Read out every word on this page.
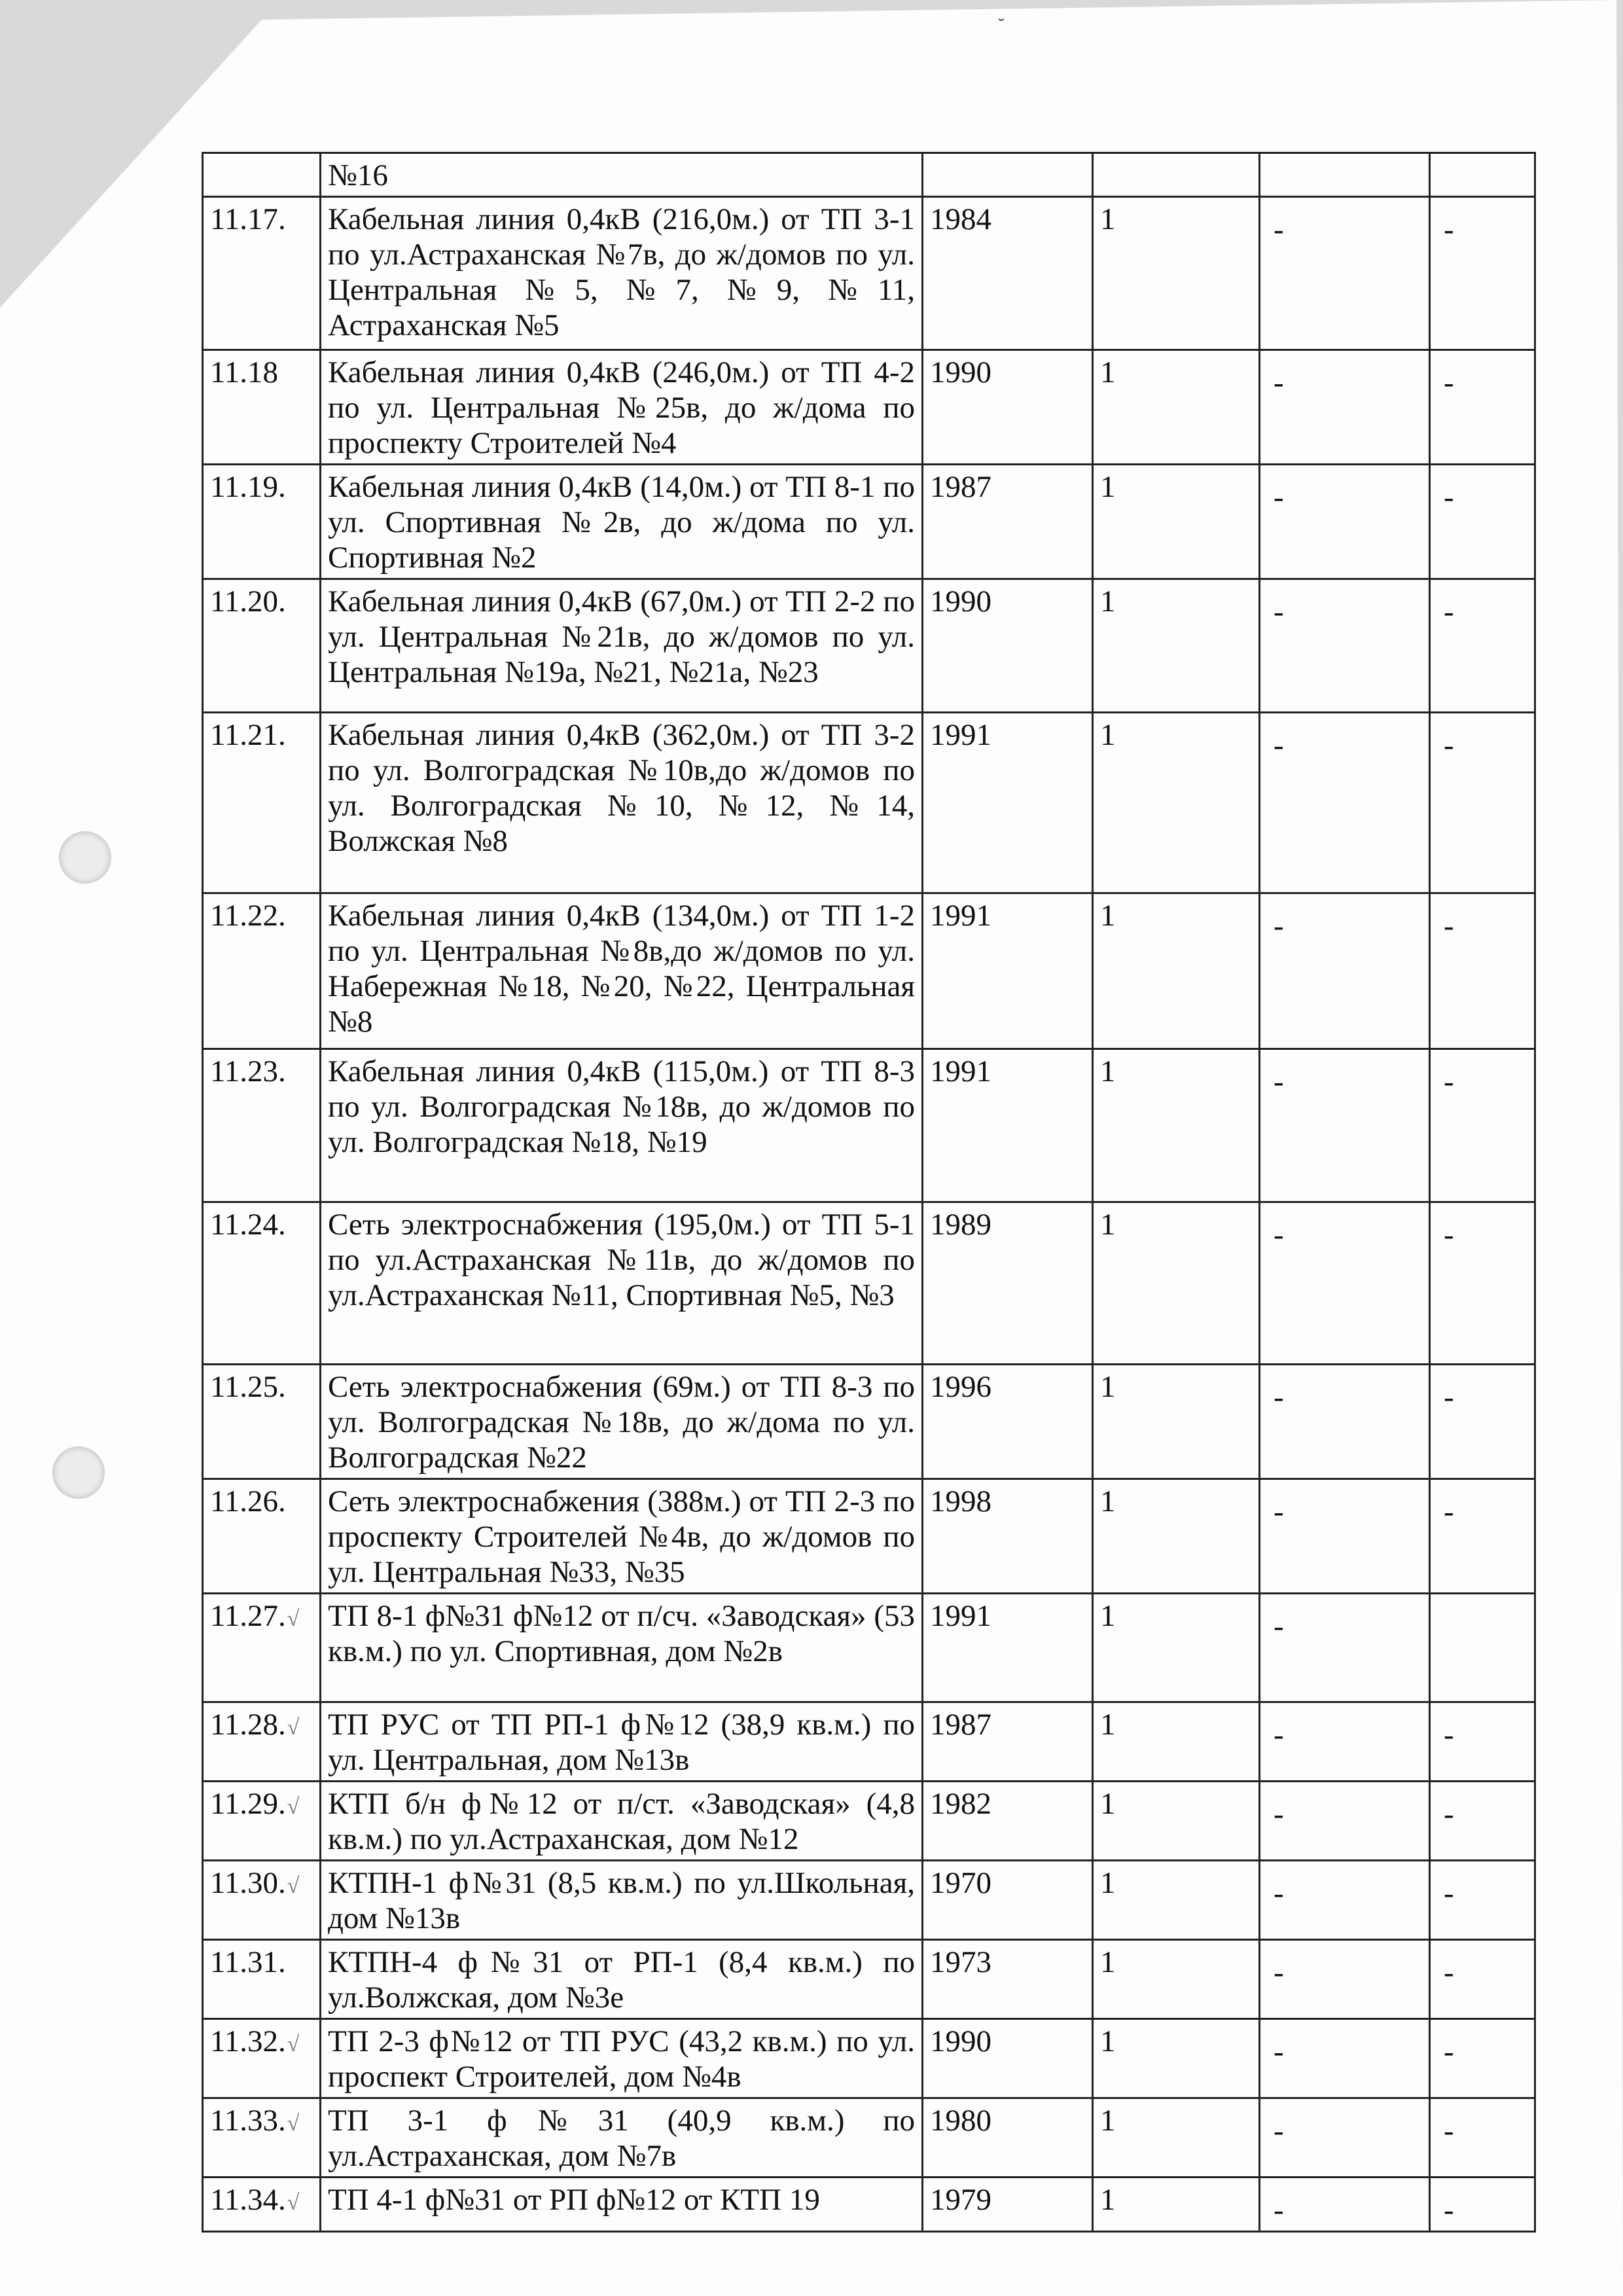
˘
	№16				
11.17.	Кабельная линия 0,4кВ (216,0м.) от ТП 3-1 по ул.Астраханская №7в, до ж/домов по ул. Центральная №5, №7, №9, №11, Астраханская №5	1984	1	-	-
11.18	Кабельная линия 0,4кВ (246,0м.) от ТП 4-2 по ул. Центральная №25в, до ж/дома по проспекту Строителей №4	1990	1	-	-
11.19.	Кабельная линия 0,4кВ (14,0м.) от ТП 8-1 по ул. Спортивная №2в, до ж/дома по ул. Спортивная №2	1987	1	-	-
11.20.	Кабельная линия 0,4кВ (67,0м.) от ТП 2-2 по ул. Центральная №21в, до ж/домов по ул. Центральная №19а, №21, №21а, №23	1990	1	-	-
11.21.	Кабельная линия 0,4кВ (362,0м.) от ТП 3-2 по ул. Волгоградская №10в,до ж/домов по ул. Волгоградская №10, №12, №14, Волжская №8	1991	1	-	-
11.22.	Кабельная линия 0,4кВ (134,0м.) от ТП 1-2 по ул. Центральная №8в,до ж/домов по ул. Набережная №18, №20, №22, Центральная №8	1991	1	-	-
11.23.	Кабельная линия 0,4кВ (115,0м.) от ТП 8-3 по ул. Волгоградская №18в, до ж/домов по ул. Волгоградская №18, №19	1991	1	-	-
11.24.	Сеть электроснабжения (195,0м.) от ТП 5-1 по ул.Астраханская №11в, до ж/домов по ул.Астраханская №11, Спортивная №5, №3	1989	1	-	-
11.25.	Сеть электроснабжения (69м.) от ТП 8-3 по ул. Волгоградская №18в, до ж/дома по ул. Волгоградская №22	1996	1	-	-
11.26.	Сеть электроснабжения (388м.) от ТП 2-3 по проспекту Строителей №4в, до ж/домов по ул. Центральная №33, №35	1998	1	-	-
11.27.√	ТП 8-1 ф№31 ф№12 от п/сч. «Заводская» (53 кв.м.) по ул. Спортивная, дом №2в	1991	1	-	
11.28.√	ТП РУС от ТП РП-1 ф№12 (38,9 кв.м.) по ул. Центральная, дом №13в	1987	1	-	-
11.29.√	КТП б/н ф№12 от п/ст. «Заводская» (4,8 кв.м.) по ул.Астраханская, дом №12	1982	1	-	-
11.30.√	КТПН-1 ф№31 (8,5 кв.м.) по ул.Школьная, дом №13в	1970	1	-	-
11.31.	КТПН-4 ф№31 от РП-1 (8,4 кв.м.) по ул.Волжская, дом №3е	1973	1	-	-
11.32.√	ТП 2-3 ф№12 от ТП РУС (43,2 кв.м.) по ул. проспект Строителей, дом №4в	1990	1	-	-
11.33.√	ТП 3-1 ф№31 (40,9 кв.м.) по ул.Астраханская, дом №7в	1980	1	-	-
11.34.√	ТП 4-1 ф№31 от РП ф№12 от КТП 19	1979	1	-	-
